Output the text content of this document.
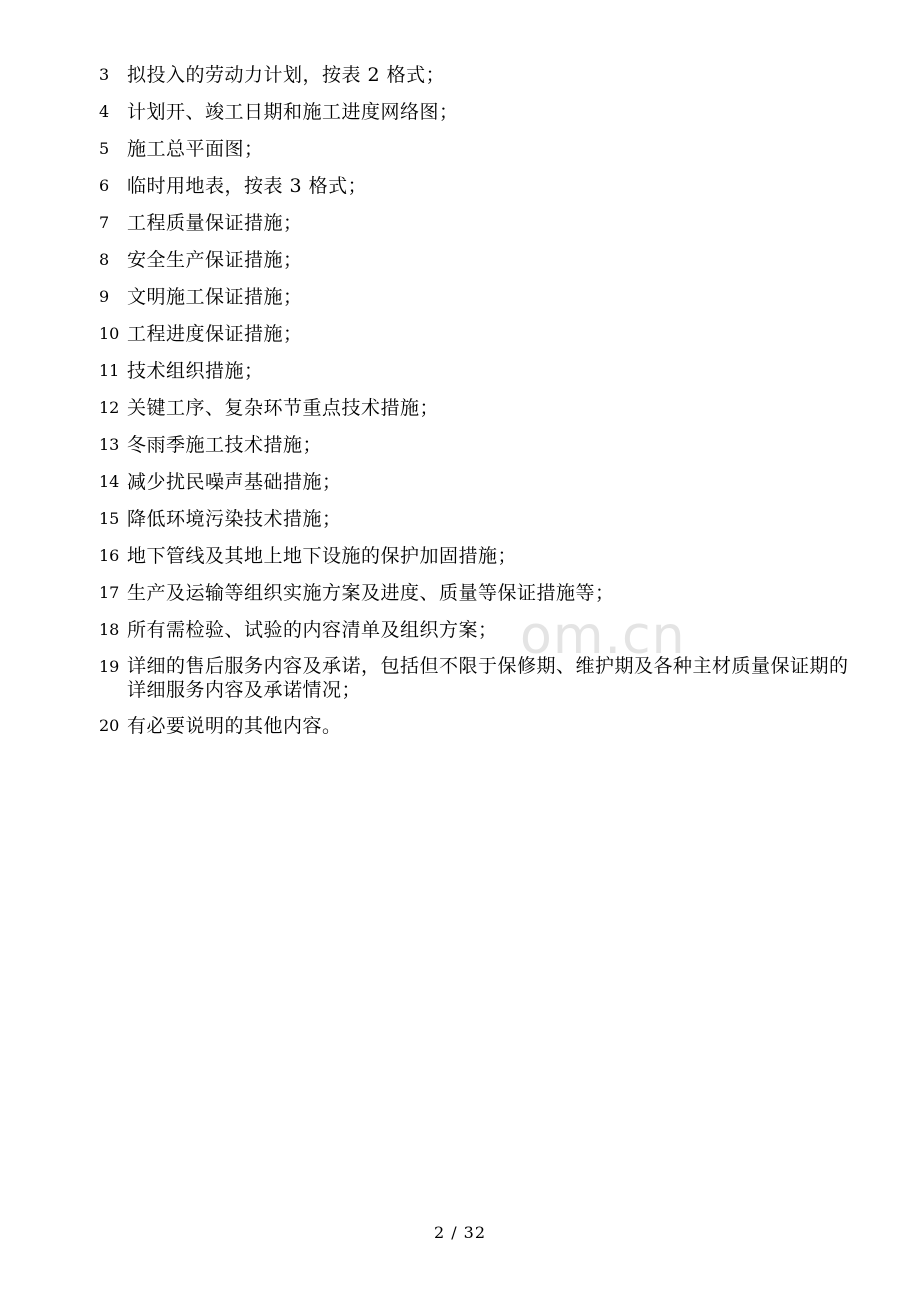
3 拟投入的劳动力计划，按表 2 格式；
4 计划开、竣工日期和施工进度网络图；
5 施工总平面图；
6 临时用地表，按表 3 格式；
7 工程质量保证措施；
8 安全生产保证措施；
9 文明施工保证措施；
10 工程进度保证措施；
11 技术组织措施；
12 关键工序、复杂环节重点技术措施；
13 冬雨季施工技术措施；
14 减少扰民噪声基础措施；
15 降低环境污染技术措施；
16 地下管线及其地上地下设施的保护加固措施；
17 生产及运输等组织实施方案及进度、质量等保证措施等；
18 所有需检验、试验的内容清单及组织方案；
19 详细的售后服务内容及承诺，包括但不限于保修期、维护期及各种主材质量保证期的详细服务内容及承诺情况；
20 有必要说明的其他内容。
om.cn
2 / 32
